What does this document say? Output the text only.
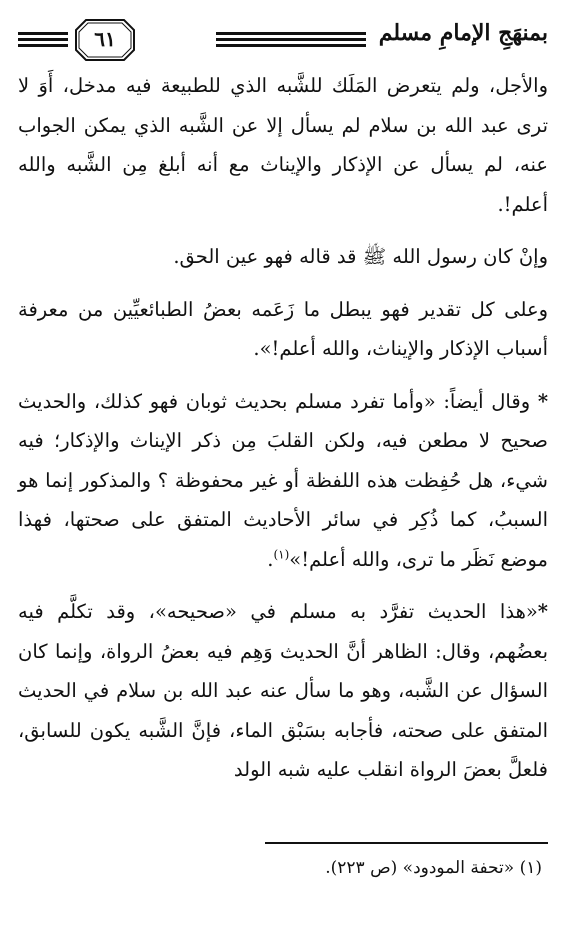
بمنهَجِ الإمامِ مسلم
٦١

والأجل، ولم يتعرض المَلَك للشَّبه الذي للطبيعة فيه مدخل، أَوَ لا ترى عبد الله بن سلام لم يسأل إلا عن الشَّبه الذي يمكن الجواب عنه، لم يسأل عن الإذكار والإيناث مع أنه أبلغ مِن الشَّبه والله أعلم!.

وإنْ كان رسول الله ﷺ قد قاله فهو عين الحق.

وعلى كل تقدير فهو يبطل ما زَعَمه بعضُ الطبائعيِّين من معرفة أسباب الإذكار والإيناث، والله أعلم!».

* وقال أيضاً: «وأما تفرد مسلم بحديث ثوبان فهو كذلك، والحديث صحيح لا مطعن فيه، ولكن القلبَ مِن ذكر الإيناث والإذكار؛ فيه شيء، هل حُفِظت هذه اللفظة أو غير محفوظة ؟ والمذكور إنما هو السببُ، كما ذُكِر في سائر الأحاديث المتفق على صحتها، فهذا موضع نَظَر ما ترى، والله أعلم!»$^{(١)}$.

*«هذا الحديث تفرَّد به مسلم في «صحيحه»، وقد تكلَّم فيه بعضُهم، وقال: الظاهر أنَّ الحديث وَهِم فيه بعضُ الرواة، وإنما كان السؤال عن الشَّبه، وهو ما سأل عنه عبد الله بن سلام في الحديث المتفق على صحته، فأجابه بسَبْق الماء، فإنَّ الشَّبه يكون للسابق، فلعلَّ بعضَ الرواة انقلب عليه شبه الولد

(١) «تحفة المودود» (ص ٢٢٣).
